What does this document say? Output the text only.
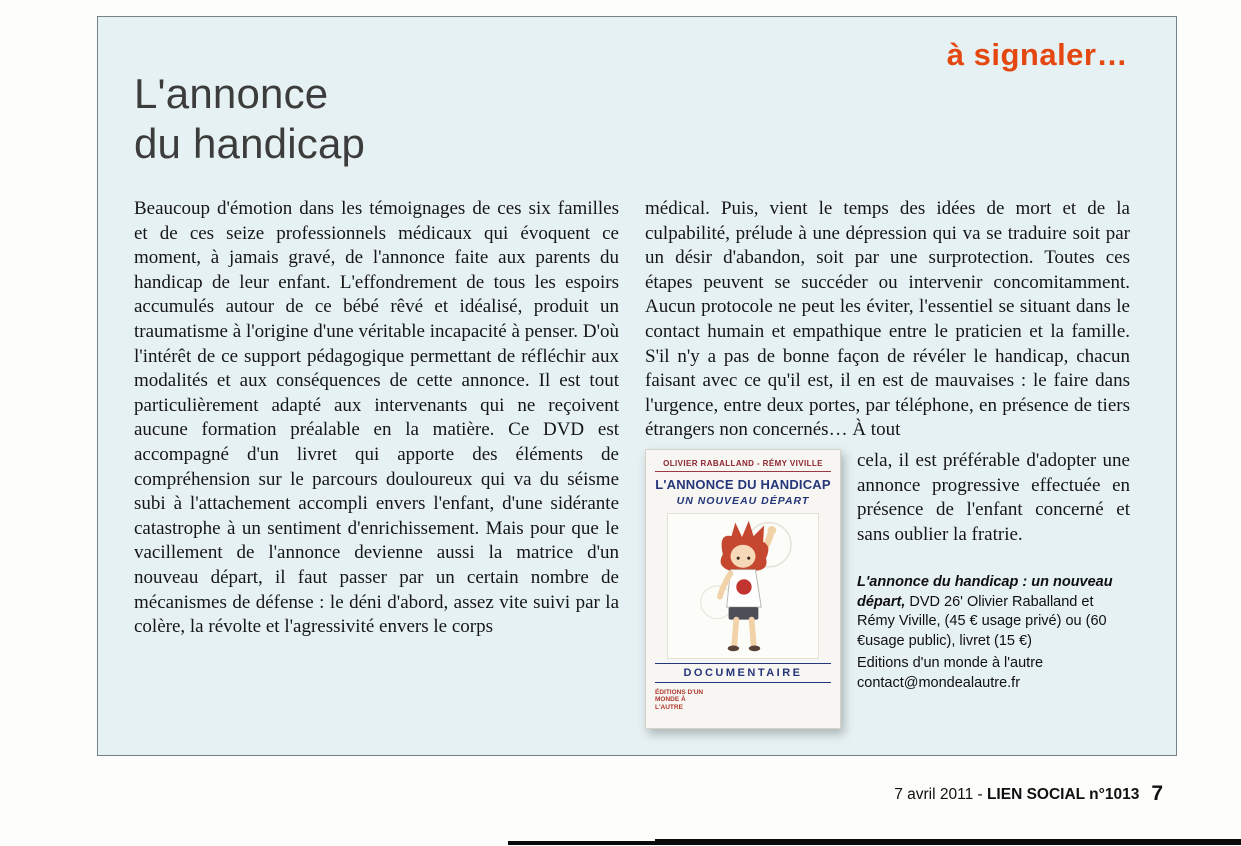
à signaler…
L'annonce
du handicap

Beaucoup d'émotion dans les témoignages de ces six familles et de ces seize professionnels médicaux qui évoquent ce moment, à jamais gravé, de l'annonce faite aux parents du handicap de leur enfant. L'effondrement de tous les espoirs accumulés autour de ce bébé rêvé et idéalisé, produit un traumatisme à l'origine d'une véritable incapacité à penser. D'où l'intérêt de ce support pédagogique permettant de réfléchir aux modalités et aux conséquences de cette annonce. Il est tout particulièrement adapté aux intervenants qui ne reçoivent aucune formation préalable en la matière. Ce DVD est accompagné d'un livret qui apporte des éléments de compréhension sur le parcours douloureux qui va du séisme subi à l'attachement accompli envers l'enfant, d'une sidérante catastrophe à un sentiment d'enrichissement. Mais pour que le vacillement de l'annonce devienne aussi la matrice d'un nouveau départ, il faut passer par un certain nombre de mécanismes de défense : le déni d'abord, assez vite suivi par la colère, la révolte et l'agressivité envers le corps

médical. Puis, vient le temps des idées de mort et de la culpabilité, prélude à une dépression qui va se traduire soit par un désir d'abandon, soit par une surprotection. Toutes ces étapes peuvent se succéder ou intervenir concomitamment. Aucun protocole ne peut les éviter, l'essentiel se situant dans le contact humain et empathique entre le praticien et la famille. S'il n'y a pas de bonne façon de révéler le handicap, chacun faisant avec ce qu'il est, il en est de mauvaises : le faire dans l'urgence, entre deux portes, par téléphone, en présence de tiers étrangers non concernés… À tout

OLIVIER RABALLAND - RÉMY VIVILLE
L'ANNONCE DU HANDICAP
UN NOUVEAU DÉPART
DOCUMENTAIRE
ÉDITIONS D'UN MONDE À L'AUTRE

cela, il est préférable d'adopter une annonce progressive effectuée en présence de l'enfant concerné et sans oublier la fratrie.

L'annonce du handicap : un nouveau départ, DVD 26' Olivier Raballand et Rémy Viville, (45 € usage privé) ou (60 €usage public), livret (15 €)

Editions d'un monde à l'autre

contact@mondealautre.fr

7 avril 2011 - LIEN SOCIAL n°1013 7
